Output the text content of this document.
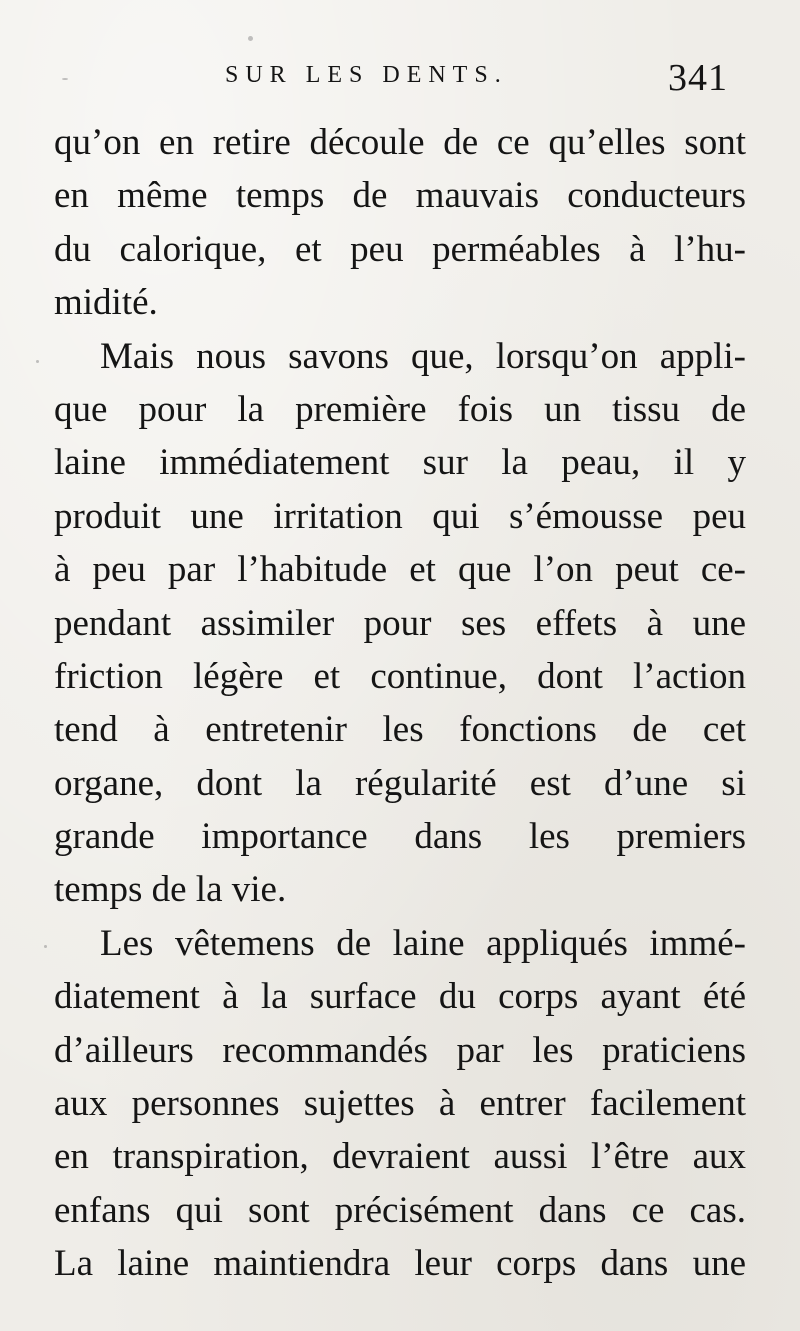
SUR LES DENTS.	341
qu’on en retire découle de ce qu’elles sont
en même temps de mauvais conducteurs
du calorique, et peu perméables à l’hu-
midité.
Mais nous savons que, lorsqu’on appli-
que pour la première fois un tissu de
laine immédiatement sur la peau, il y
produit une irritation qui s’émousse peu
à peu par l’habitude et que l’on peut ce-
pendant assimiler pour ses effets à une
friction légère et continue, dont l’action
tend à entretenir les fonctions de cet
organe, dont la régularité est d’une si
grande importance dans les premiers
temps de la vie.
Les vêtemens de laine appliqués immé-
diatement à la surface du corps ayant été
d’ailleurs recommandés par les praticiens
aux personnes sujettes à entrer facilement
en transpiration, devraient aussi l’être aux
enfans qui sont précisément dans ce cas.
La laine maintiendra leur corps dans une
